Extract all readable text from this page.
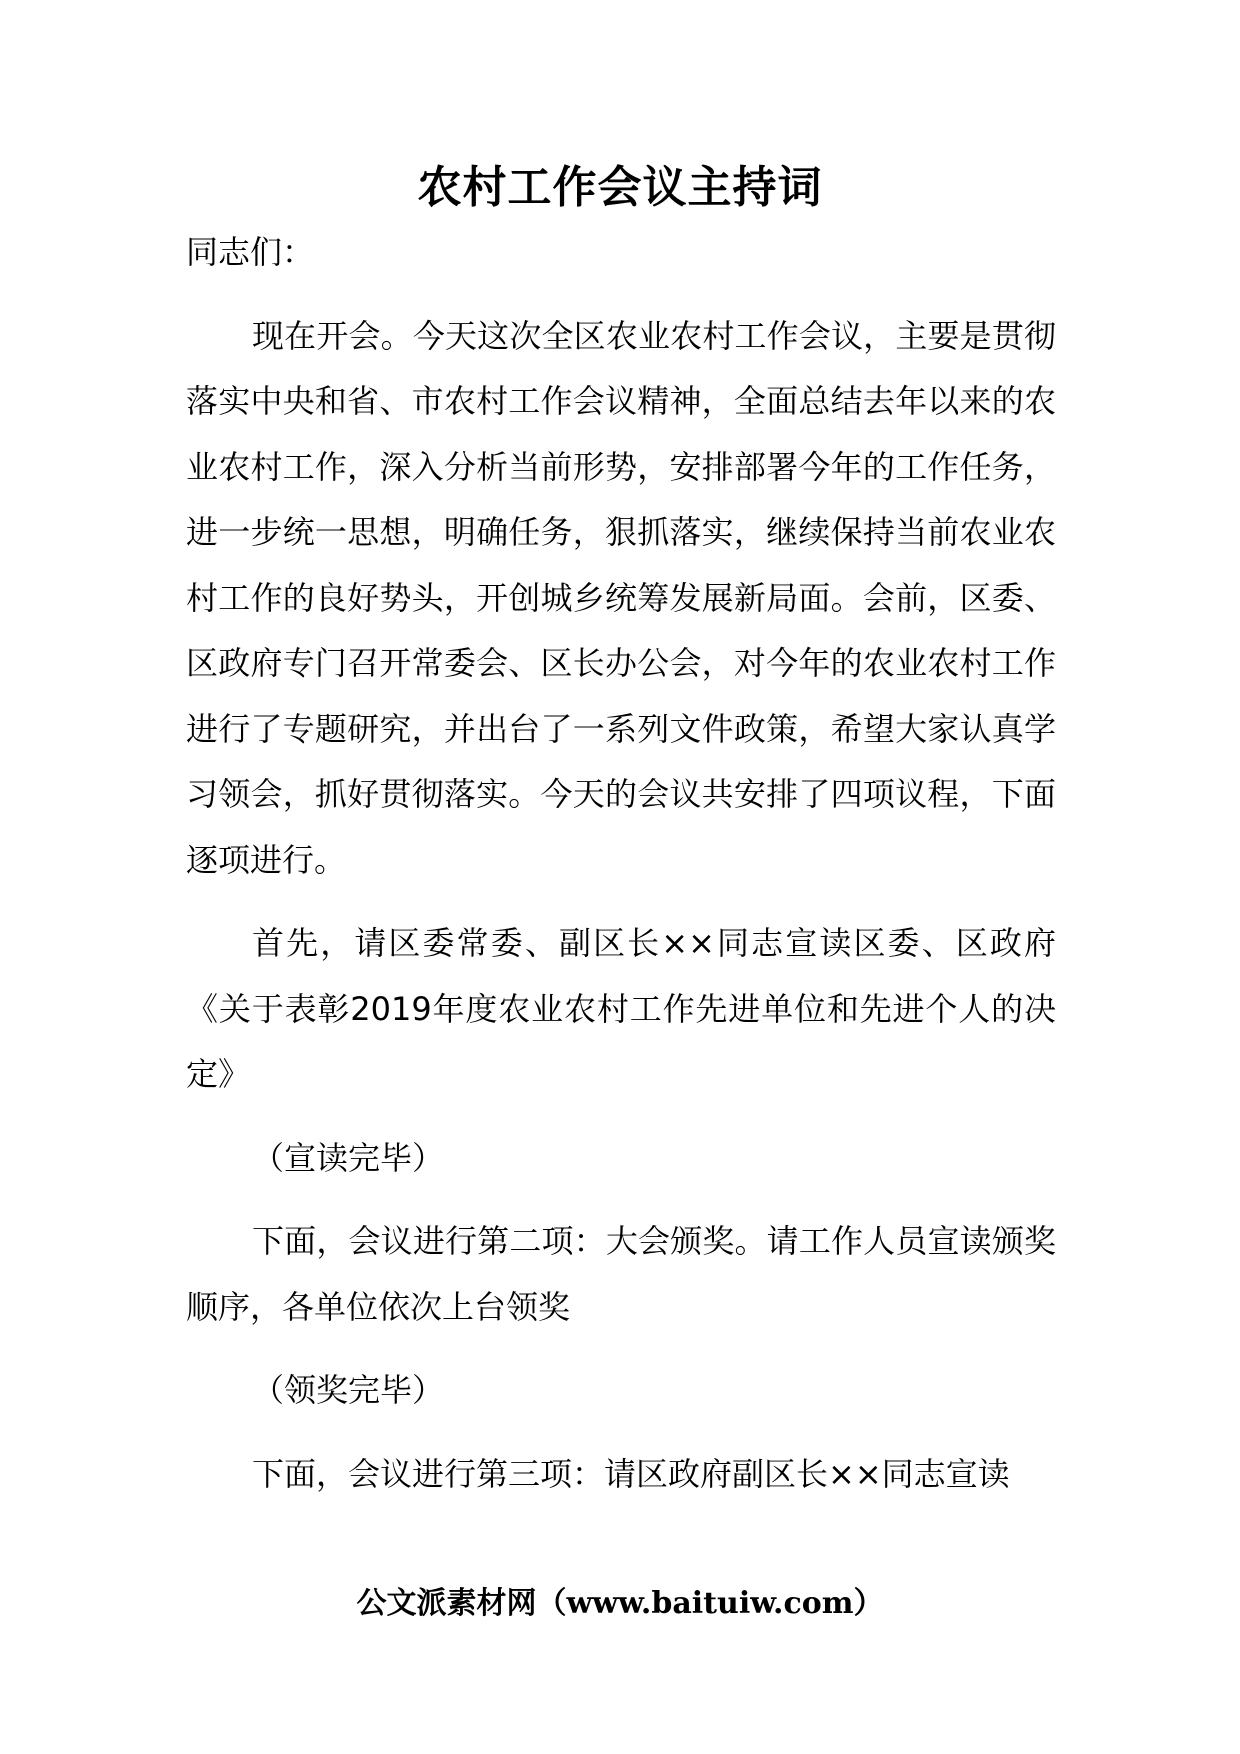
农村工作会议主持词

同志们：

现在开会。今天这次全区农业农村工作会议，主要是贯彻落实中央和省、市农村工作会议精神，全面总结去年以来的农业农村工作，深入分析当前形势，安排部署今年的工作任务，进一步统一思想，明确任务，狠抓落实，继续保持当前农业农村工作的良好势头，开创城乡统筹发展新局面。会前，区委、区政府专门召开常委会、区长办公会，对今年的农业农村工作进行了专题研究，并出台了一系列文件政策，希望大家认真学习领会，抓好贯彻落实。今天的会议共安排了四项议程，下面逐项进行。

首先，请区委常委、副区长××同志宣读区委、区政府《关于表彰2019年度农业农村工作先进单位和先进个人的决定》

（宣读完毕）

下面，会议进行第二项：大会颁奖。请工作人员宣读颁奖顺序，各单位依次上台领奖

（领奖完毕）

下面，会议进行第三项：请区政府副区长××同志宣读

公文派素材网（www.baituiw.com）
